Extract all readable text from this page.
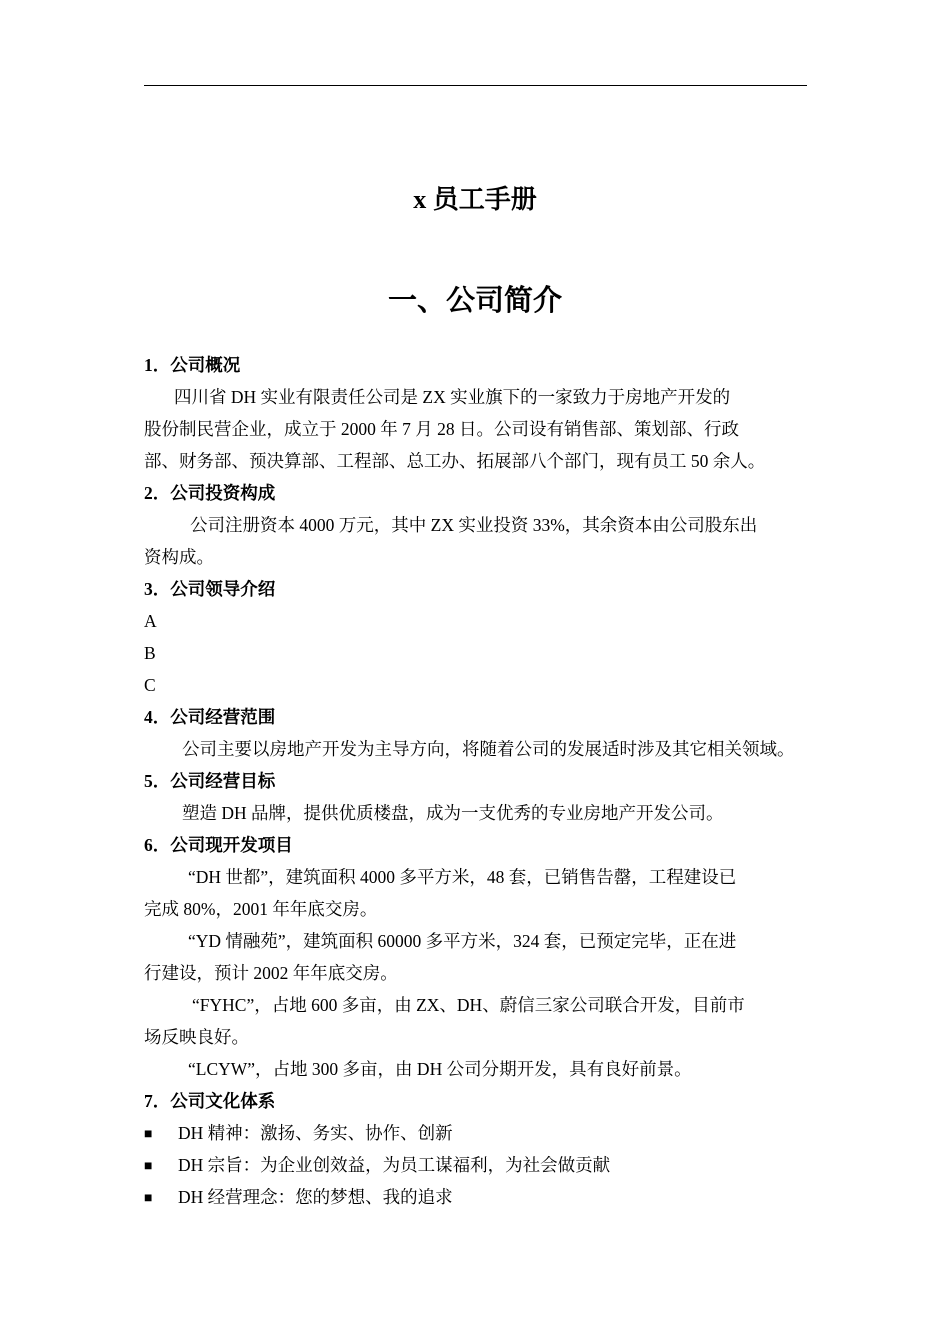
x 员工手册
一、公司简介
1．公司概况
四川省 DH 实业有限责任公司是 ZX 实业旗下的一家致力于房地产开发的
股份制民营企业，成立于 2000 年 7 月 28 日。公司设有销售部、策划部、行政
部、财务部、预决算部、工程部、总工办、拓展部八个部门，现有员工 50 余人。
2．公司投资构成
公司注册资本 4000 万元，其中 ZX 实业投资 33%，其余资本由公司股东出
资构成。
3．公司领导介绍
A
B
C
4．公司经营范围
公司主要以房地产开发为主导方向，将随着公司的发展适时涉及其它相关领域。
5．公司经营目标
塑造 DH 品牌，提供优质楼盘，成为一支优秀的专业房地产开发公司。
6．公司现开发项目
“DH 世都”，建筑面积 4000 多平方米，48 套，已销售告罄，工程建设已
完成 80%，2001 年年底交房。
“YD 情融苑”，建筑面积 60000 多平方米，324 套，已预定完毕，正在进
行建设，预计 2002 年年底交房。
“FYHC”，占地 600 多亩，由 ZX、DH、蔚信三家公司联合开发，目前市
场反映良好。
“LCYW”，占地 300 多亩，由 DH 公司分期开发，具有良好前景。
7．公司文化体系
■ DH 精神：激扬、务实、协作、创新
■ DH 宗旨：为企业创效益，为员工谋福利，为社会做贡献
■ DH 经营理念：您的梦想、我的追求
